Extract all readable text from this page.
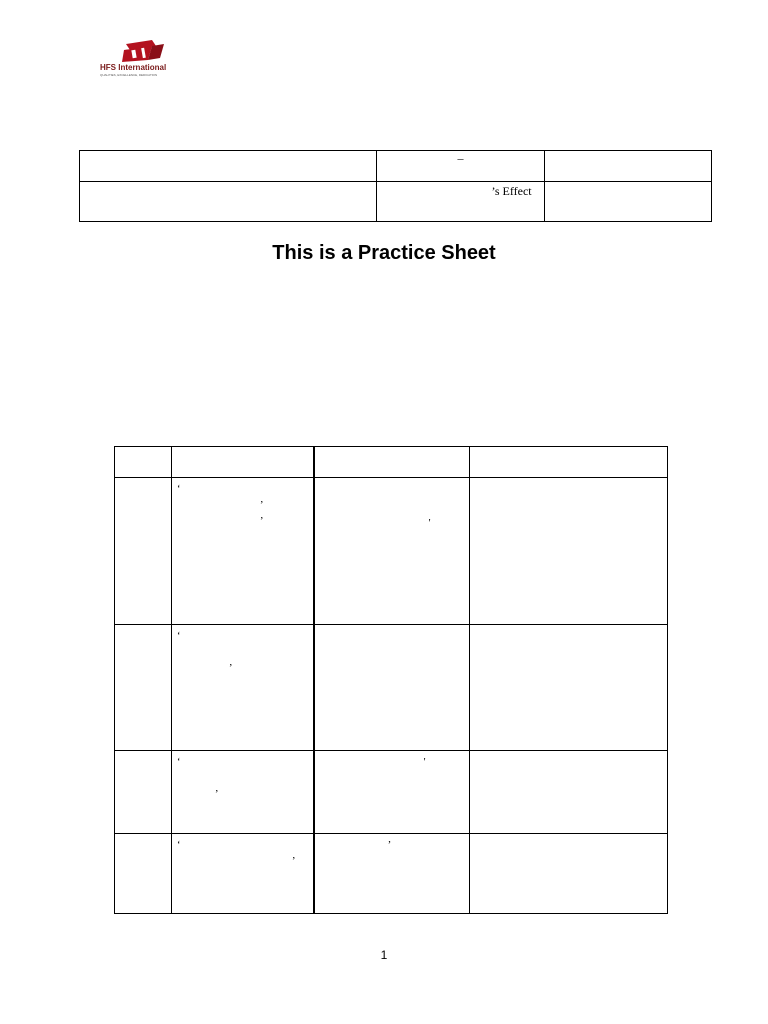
HFS International
QUALITIES, EXCELLENCE, DEDICATION
	–	
	’s Effect	
This is a Practice Sheet

	‘
’
’	'	

	‘
’		

	‘
’	'	

	‘
’	’	

1
